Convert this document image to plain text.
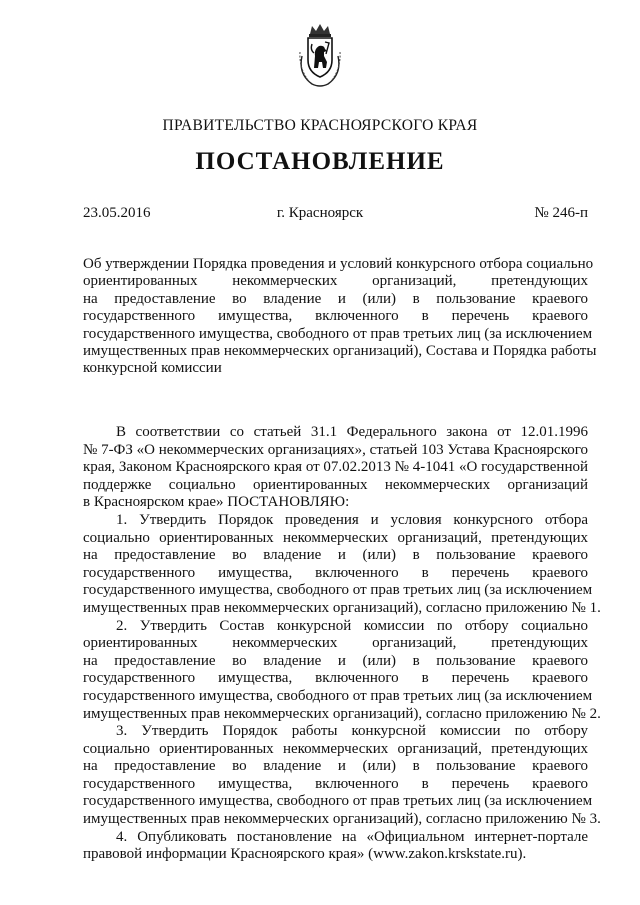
ПРАВИТЕЛЬСТВО КРАСНОЯРСКОГО КРАЯ
ПОСТАНОВЛЕНИЕ
23.05.2016	г. Красноярск	№ 246-п
Об утверждении Порядка проведения и условий конкурсного отбора социально
ориентированных некоммерческих организаций, претендующих
на предоставление во владение и (или) в пользование краевого
государственного имущества, включенного в перечень краевого
государственного имущества, свободного от прав третьих лиц (за исключением
имущественных прав некоммерческих организаций), Состава и Порядка работы
конкурсной комиссии
В соответствии со статьей 31.1 Федерального закона от 12.01.1996
№ 7-ФЗ «О некоммерческих организациях», статьей 103 Устава Красноярского
края, Законом Красноярского края от 07.02.2013 № 4-1041 «О государственной
поддержке социально ориентированных некоммерческих организаций
в Красноярском крае» ПОСТАНОВЛЯЮ:
1. Утвердить Порядок проведения и условия конкурсного отбора
социально ориентированных некоммерческих организаций, претендующих
на предоставление во владение и (или) в пользование краевого
государственного имущества, включенного в перечень краевого
государственного имущества, свободного от прав третьих лиц (за исключением
имущественных прав некоммерческих организаций), согласно приложению № 1.
2. Утвердить Состав конкурсной комиссии по отбору социально
ориентированных некоммерческих организаций, претендующих
на предоставление во владение и (или) в пользование краевого
государственного имущества, включенного в перечень краевого
государственного имущества, свободного от прав третьих лиц (за исключением
имущественных прав некоммерческих организаций), согласно приложению № 2.
3. Утвердить Порядок работы конкурсной комиссии по отбору
социально ориентированных некоммерческих организаций, претендующих
на предоставление во владение и (или) в пользование краевого
государственного имущества, включенного в перечень краевого
государственного имущества, свободного от прав третьих лиц (за исключением
имущественных прав некоммерческих организаций), согласно приложению № 3.
4. Опубликовать постановление на «Официальном интернет-портале
правовой информации Красноярского края» (www.zakon.krskstate.ru).
